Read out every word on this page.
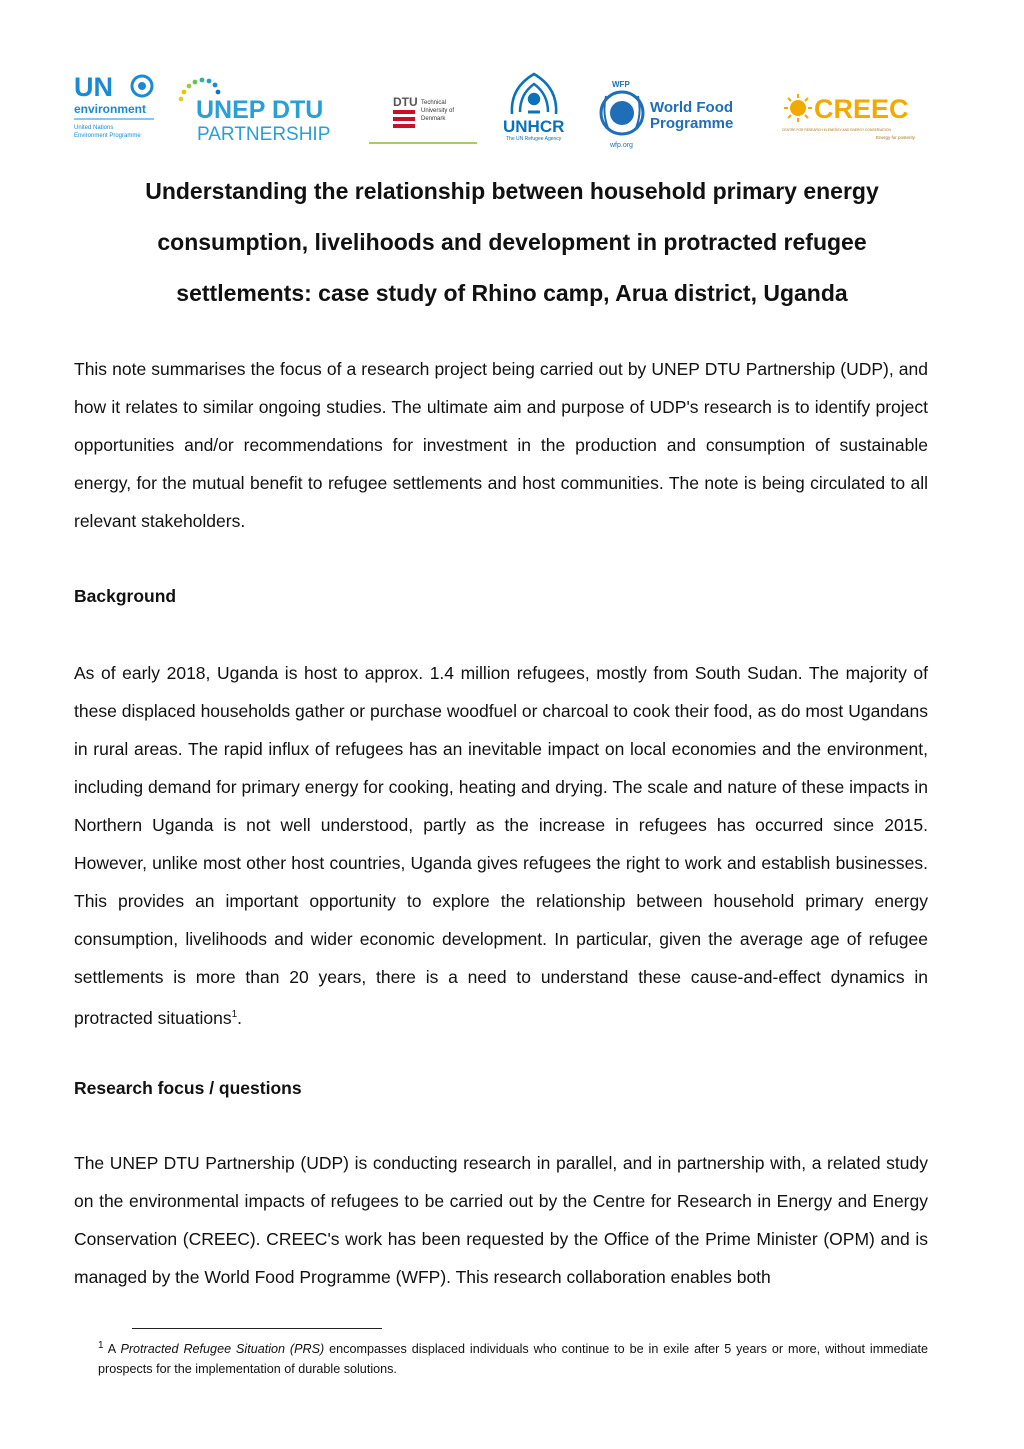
UN
environment
United Nations
Environment Programme
UNEP DTU
PARTNERSHIP
DTU Technical
University of
Denmark	UNHCR
The UN Refugee Agency
WFP
wfp.org
World Food
Programme	CREEC
CENTRE FOR RESEARCH IN ENERGY AND ENERGY CONSERVATION
Energy for posterity
Understanding the relationship between household primary energy
consumption, livelihoods and development in protracted refugee
settlements: case study of Rhino camp, Arua district, Uganda
This note summarises the focus of a research project being carried out by UNEP DTU Partnership (UDP), and how it relates to similar ongoing studies. The ultimate aim and purpose of UDP's research is to identify project opportunities and/or recommendations for investment in the production and consumption of sustainable energy, for the mutual benefit to refugee settlements and host communities. The note is being circulated to all relevant stakeholders.
Background
As of early 2018, Uganda is host to approx. 1.4 million refugees, mostly from South Sudan. The majority of these displaced households gather or purchase woodfuel or charcoal to cook their food, as do most Ugandans in rural areas. The rapid influx of refugees has an inevitable impact on local economies and the environment, including demand for primary energy for cooking, heating and drying. The scale and nature of these impacts in Northern Uganda is not well understood, partly as the increase in refugees has occurred since 2015. However, unlike most other host countries, Uganda gives refugees the right to work and establish businesses. This provides an important opportunity to explore the relationship between household primary energy consumption, livelihoods and wider economic development. In particular, given the average age of refugee settlements is more than 20 years, there is a need to understand these cause-and-effect dynamics in protracted situations$^1$.
Research focus / questions
The UNEP DTU Partnership (UDP) is conducting research in parallel, and in partnership with, a related study on the environmental impacts of refugees to be carried out by the Centre for Research in Energy and Energy Conservation (CREEC). CREEC's work has been requested by the Office of the Prime Minister (OPM) and is managed by the World Food Programme (WFP). This research collaboration enables both
$^1$ A Protracted Refugee Situation (PRS) encompasses displaced individuals who continue to be in exile after 5 years or more, without immediate prospects for the implementation of durable solutions.
